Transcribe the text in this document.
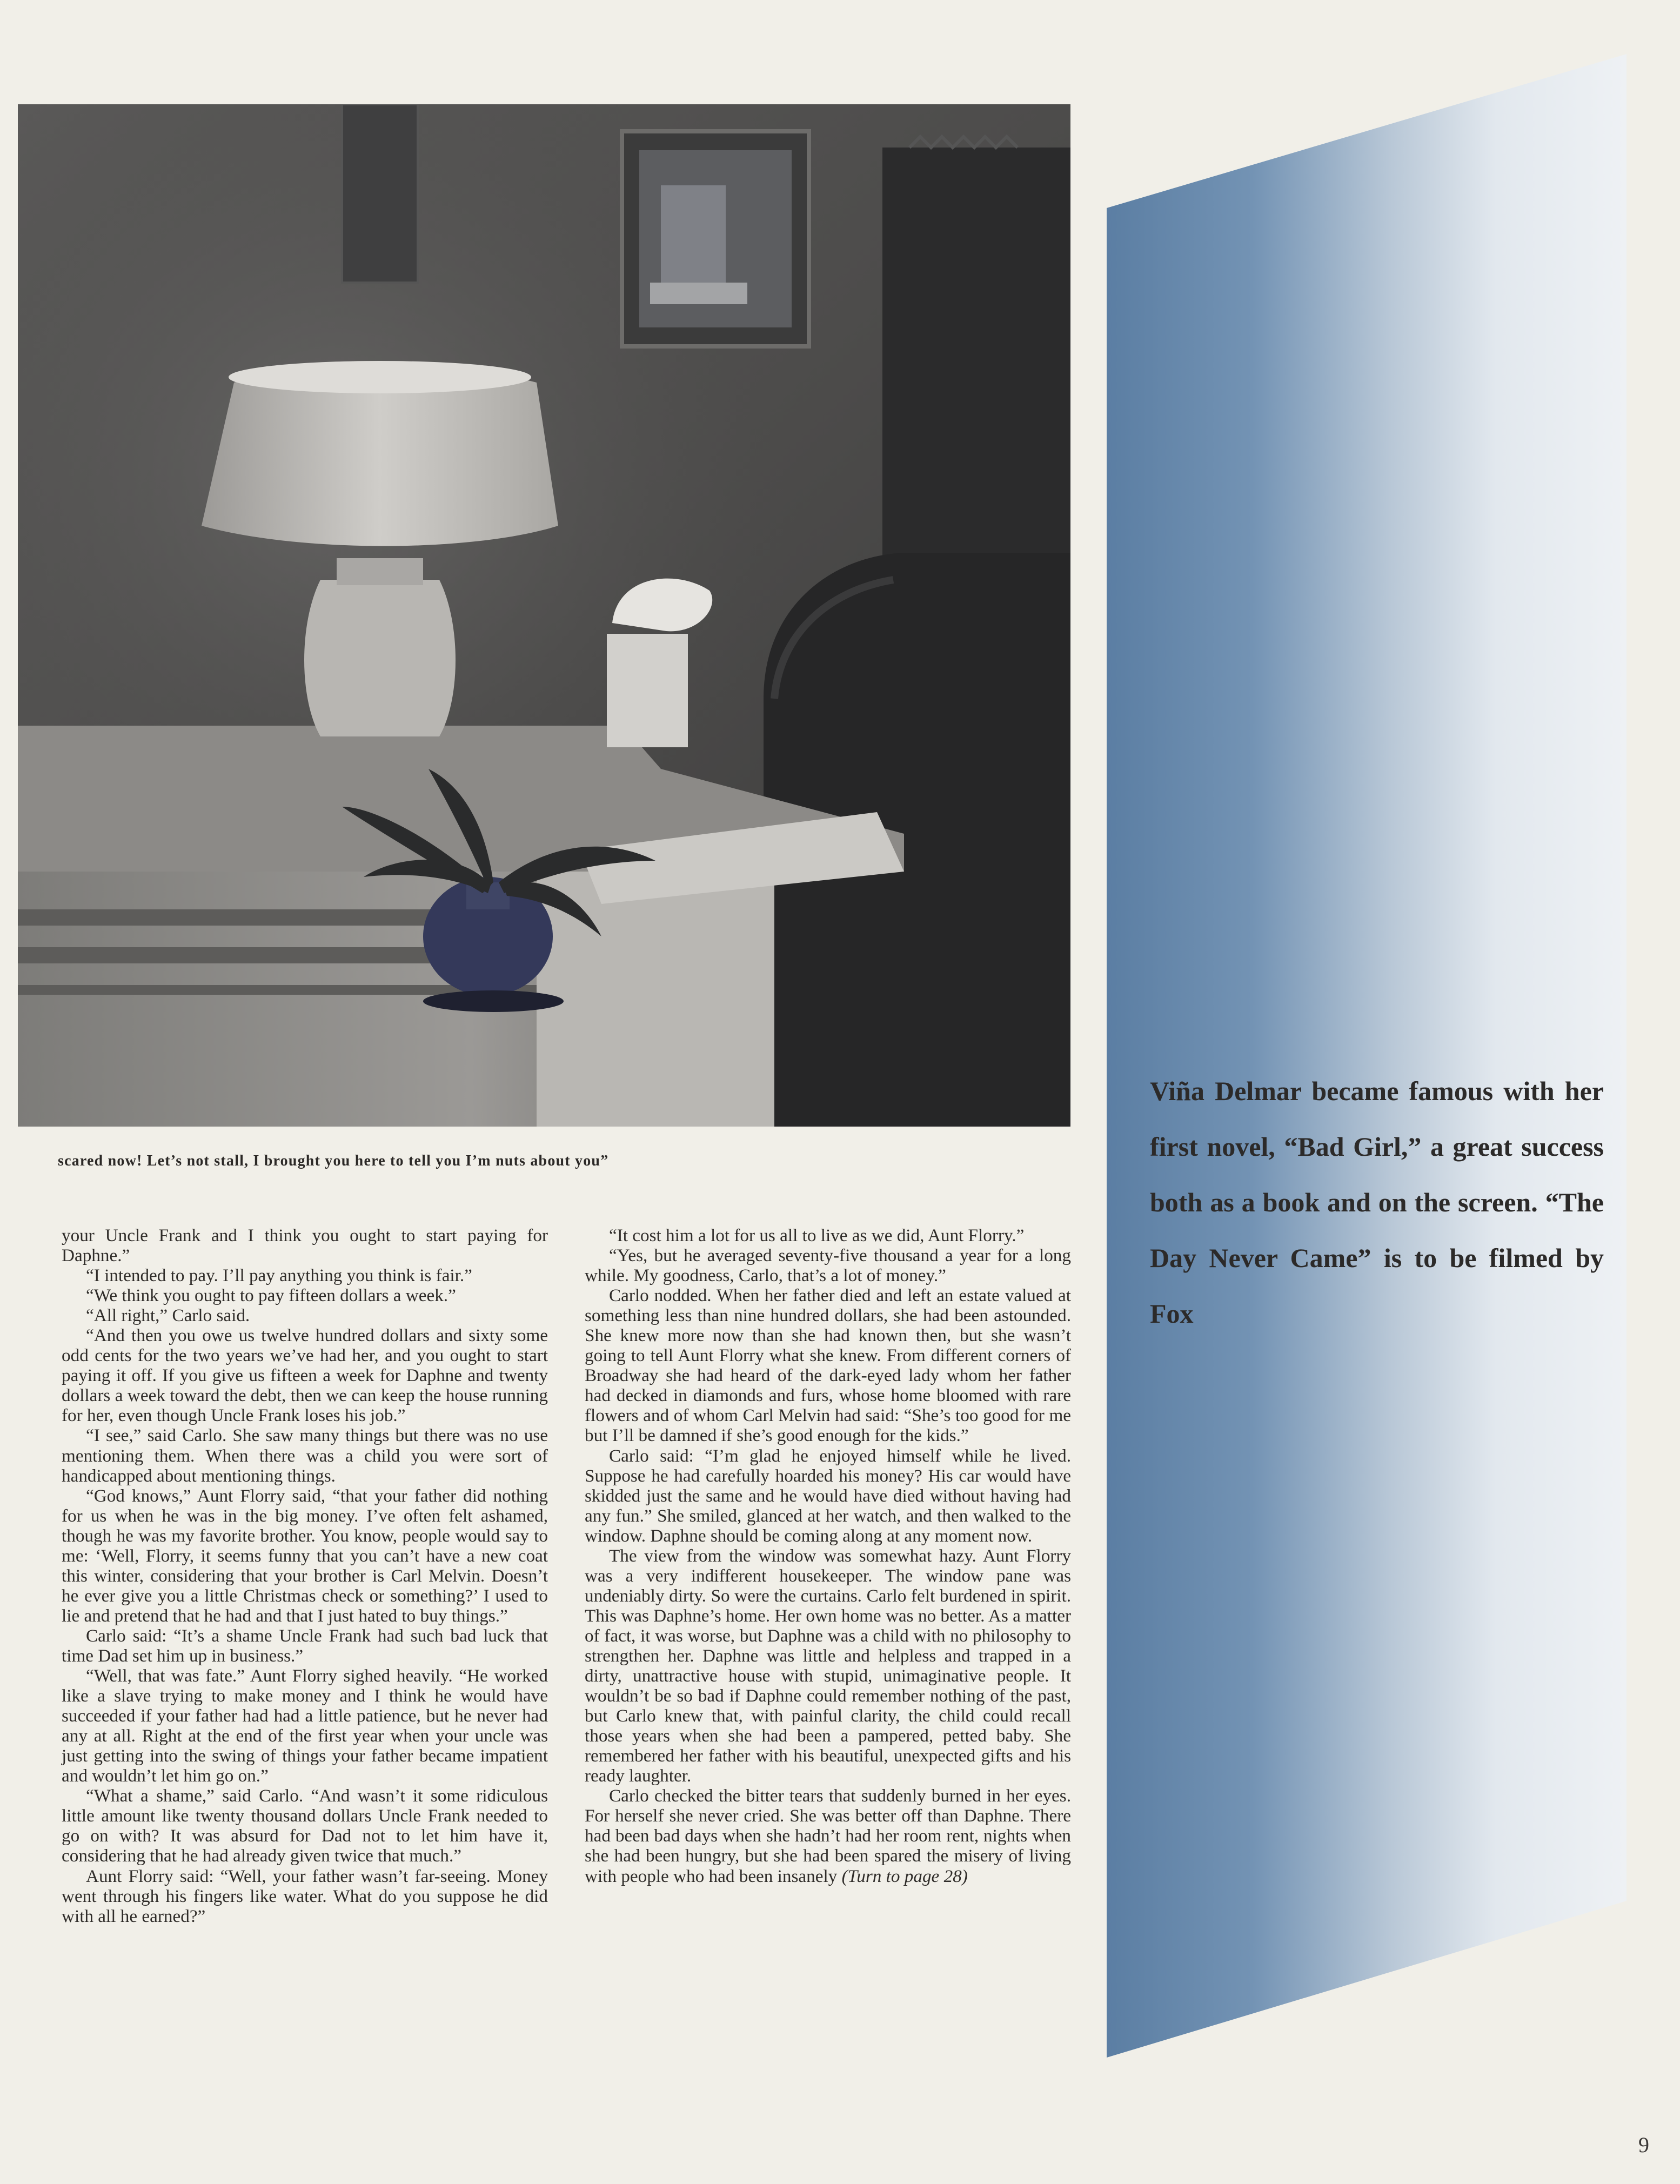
scared now! Let’s not stall, I brought you here to tell you I’m nuts about you”

your Uncle Frank and I think you ought to start paying for Daphne.”

“I intended to pay. I’ll pay anything you think is fair.”

“We think you ought to pay fifteen dollars a week.”

“All right,” Carlo said.

“And then you owe us twelve hundred dollars and sixty some odd cents for the two years we’ve had her, and you ought to start paying it off. If you give us fifteen a week for Daphne and twenty dollars a week toward the debt, then we can keep the house running for her, even though Uncle Frank loses his job.”

“I see,” said Carlo. She saw many things but there was no use mentioning them. When there was a child you were sort of handicapped about mentioning things.

“God knows,” Aunt Florry said, “that your father did nothing for us when he was in the big money. I’ve often felt ashamed, though he was my favorite brother. You know, people would say to me: ‘Well, Florry, it seems funny that you can’t have a new coat this winter, considering that your brother is Carl Melvin. Doesn’t he ever give you a little Christmas check or something?’ I used to lie and pretend that he had and that I just hated to buy things.”

Carlo said: “It’s a shame Uncle Frank had such bad luck that time Dad set him up in business.”

“Well, that was fate.” Aunt Florry sighed heavily. “He worked like a slave trying to make money and I think he would have succeeded if your father had had a little patience, but he never had any at all. Right at the end of the first year when your uncle was just getting into the swing of things your father became impatient and wouldn’t let him go on.”

“What a shame,” said Carlo. “And wasn’t it some ridiculous little amount like twenty thousand dollars Uncle Frank needed to go on with? It was absurd for Dad not to let him have it, considering that he had already given twice that much.”

Aunt Florry said: “Well, your father wasn’t far-seeing. Money went through his fingers like water. What do you suppose he did with all he earned?”

“It cost him a lot for us all to live as we did, Aunt Florry.”

“Yes, but he averaged seventy-five thousand a year for a long while. My goodness, Carlo, that’s a lot of money.”

Carlo nodded. When her father died and left an estate valued at something less than nine hundred dollars, she had been astounded. She knew more now than she had known then, but she wasn’t going to tell Aunt Florry what she knew. From different corners of Broadway she had heard of the dark-eyed lady whom her father had decked in diamonds and furs, whose home bloomed with rare flowers and of whom Carl Melvin had said: “She’s too good for me but I’ll be damned if she’s good enough for the kids.”

Carlo said: “I’m glad he enjoyed himself while he lived. Suppose he had carefully hoarded his money? His car would have skidded just the same and he would have died without having had any fun.” She smiled, glanced at her watch, and then walked to the window. Daphne should be coming along at any moment now.

The view from the window was somewhat hazy. Aunt Florry was a very indifferent housekeeper. The window pane was undeniably dirty. So were the curtains. Carlo felt burdened in spirit. This was Daphne’s home. Her own home was no better. As a matter of fact, it was worse, but Daphne was a child with no philosophy to strengthen her. Daphne was little and helpless and trapped in a dirty, unattractive house with stupid, unimaginative people. It wouldn’t be so bad if Daphne could remember nothing of the past, but Carlo knew that, with painful clarity, the child could recall those years when she had been a pampered, petted baby. She remembered her father with his beautiful, unexpected gifts and his ready laughter.

Carlo checked the bitter tears that suddenly burned in her eyes. For herself she never cried. She was better off than Daphne. There had been bad days when she hadn’t had her room rent, nights when she had been hungry, but she had been spared the misery of living with people who had been insanely (Turn to page 28)

Viña Delmar became famous with her first novel, “Bad Girl,” a great success both as a book and on the screen. “The Day Never Came” is to be filmed by Fox
9
